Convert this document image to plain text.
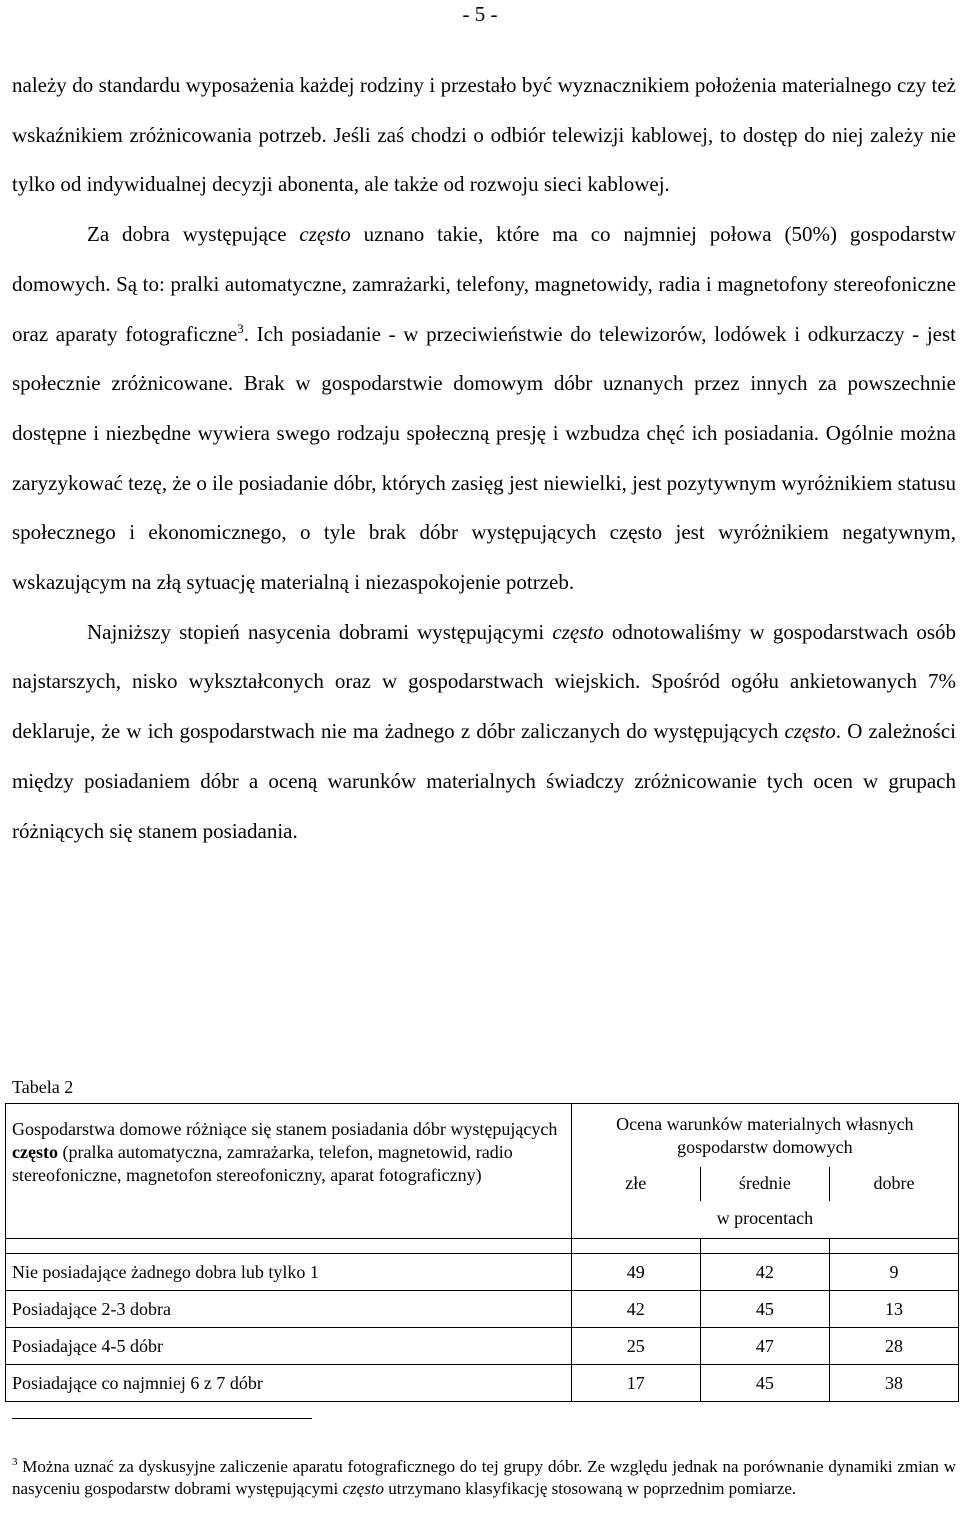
- 5 -

należy do standardu wyposażenia każdej rodziny i przestało być wyznacznikiem położenia materialnego czy też wskaźnikiem zróżnicowania potrzeb. Jeśli zaś chodzi o odbiór telewizji kablowej, to dostęp do niej zależy nie tylko od indywidualnej decyzji abonenta, ale także od rozwoju sieci kablowej.

Za dobra występujące często uznano takie, które ma co najmniej połowa (50%) gospodarstw domowych. Są to: pralki automatyczne, zamrażarki, telefony, magnetowidy, radia i magnetofony stereofoniczne oraz aparaty fotograficzne$^3$. Ich posiadanie - w przeciwieństwie do telewizorów, lodówek i odkurzaczy - jest społecznie zróżnicowane. Brak w gospodarstwie domowym dóbr uznanych przez innych za powszechnie dostępne i niezbędne wywiera swego rodzaju społeczną presję i wzbudza chęć ich posiadania. Ogólnie można zaryzykować tezę, że o ile posiadanie dóbr, których zasięg jest niewielki, jest pozytywnym wyróżnikiem statusu społecznego i ekonomicznego, o tyle brak dóbr występujących często jest wyróżnikiem negatywnym, wskazującym na złą sytuację materialną i niezaspokojenie potrzeb.

Najniższy stopień nasycenia dobrami występującymi często odnotowaliśmy w gospodarstwach osób najstarszych, nisko wykształconych oraz w gospodarstwach wiejskich. Spośród ogółu ankietowanych 7% deklaruje, że w ich gospodarstwach nie ma żadnego z dóbr zaliczanych do występujących często. O zależności między posiadaniem dóbr a oceną warunków materialnych świadczy zróżnicowanie tych ocen w grupach różniących się stanem posiadania.

Tabela 2
Gospodarstwa domowe różniące się stanem posiadania dóbr występujących często (pralka automatyczna, zamrażarka, telefon, magnetowid, radio stereofoniczne, magnetofon stereofoniczny, aparat fotograficzny)	Ocena warunków materialnych własnych gospodarstw domowych		
	złe	średnie	dobre
	w procentach		

Nie posiadające żadnego dobra lub tylko 1	49	42	9
Posiadające 2-3 dobra	42	45	13
Posiadające 4-5 dóbr	25	47	28
Posiadające co najmniej 6 z 7 dóbr	17	45	38
$^3$ Można uznać za dyskusyjne zaliczenie aparatu fotograficznego do tej grupy dóbr. Ze względu jednak na porównanie dynamiki zmian w nasyceniu gospodarstw dobrami występującymi często utrzymano klasyfikację stosowaną w poprzednim pomiarze.
